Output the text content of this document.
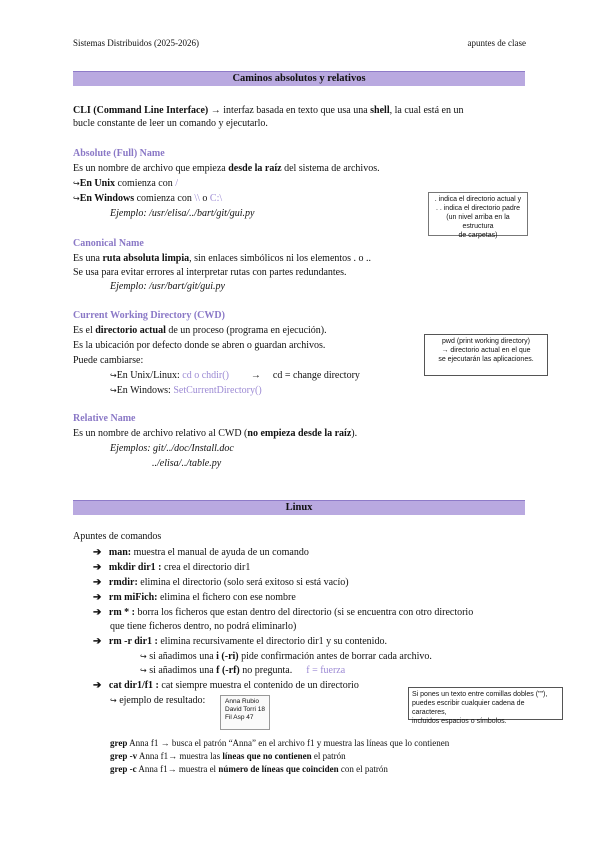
Sistemas Distribuidos (2025-2026)	apuntes de clase
Caminos absolutos y relativos
CLI (Command Line Interface) → interfaz basada en texto que usa una shell, la cual está en un
bucle constante de leer un comando y ejecutarlo.
Absolute (Full) Name
Es un nombre de archivo que empieza desde la raíz del sistema de archivos.
↪En Unix comienza con /
↪En Windows comienza con \\ o C:\
Ejemplo: /usr/elisa/../bart/git/gui.py
. indica el directorio actual y
. . indica el directorio padre
(un nivel arriba en la estructura
de carpetas)
Canonical Name
Es una ruta absoluta limpia, sin enlaces simbólicos ni los elementos . o ..
Se usa para evitar errores al interpretar rutas con partes redundantes.
Ejemplo: /usr/bart/git/gui.py
Current Working Directory (CWD)
Es el directorio actual de un proceso (programa en ejecución).
Es la ubicación por defecto donde se abren o guardan archivos.
Puede cambiarse:
↪En Unix/Linux: cd o chdir() → cd = change directory
↪En Windows: SetCurrentDirectory()
pwd (print working directory)
→ directorio actual en el que
se ejecutarán las aplicaciones.
Relative Name
Es un nombre de archivo relativo al CWD (no empieza desde la raíz).
Ejemplos: git/../doc/Install.doc
../elisa/../table.py
Linux
Apuntes de comandos
➔ man: muestra el manual de ayuda de un comando
➔ mkdir dir1 : crea el directorio dir1
➔ rmdir: elimina el directorio (solo será exitoso si está vacío)
➔ rm miFich: elimina el fichero con ese nombre
➔ rm * : borra los ficheros que estan dentro del directorio (si se encuentra con otro directorio
que tiene ficheros dentro, no podrá eliminarlo)
➔ rm -r dir1 : elimina recursivamente el directorio dir1 y su contenido.
↪ si añadimos una i (-ri) pide confirmación antes de borrar cada archivo.
↪ si añadimos una f (-rf) no pregunta. f = fuerza
➔ cat dir1/f1 : cat siempre muestra el contenido de un directorio
↪ ejemplo de resultado:	Anna Rubio
David Torri 18
Fil Asp 47
Si pones un texto entre comillas dobles (""),
puedes escribir cualquier cadena de caracteres,
incluidos espacios o símbolos.
grep Anna f1 → busca el patrón “Anna” en el archivo f1 y muestra las líneas que lo contienen
grep -v Anna f1→ muestra las líneas que no contienen el patrón
grep -c Anna f1→ muestra el número de líneas que coinciden con el patrón
